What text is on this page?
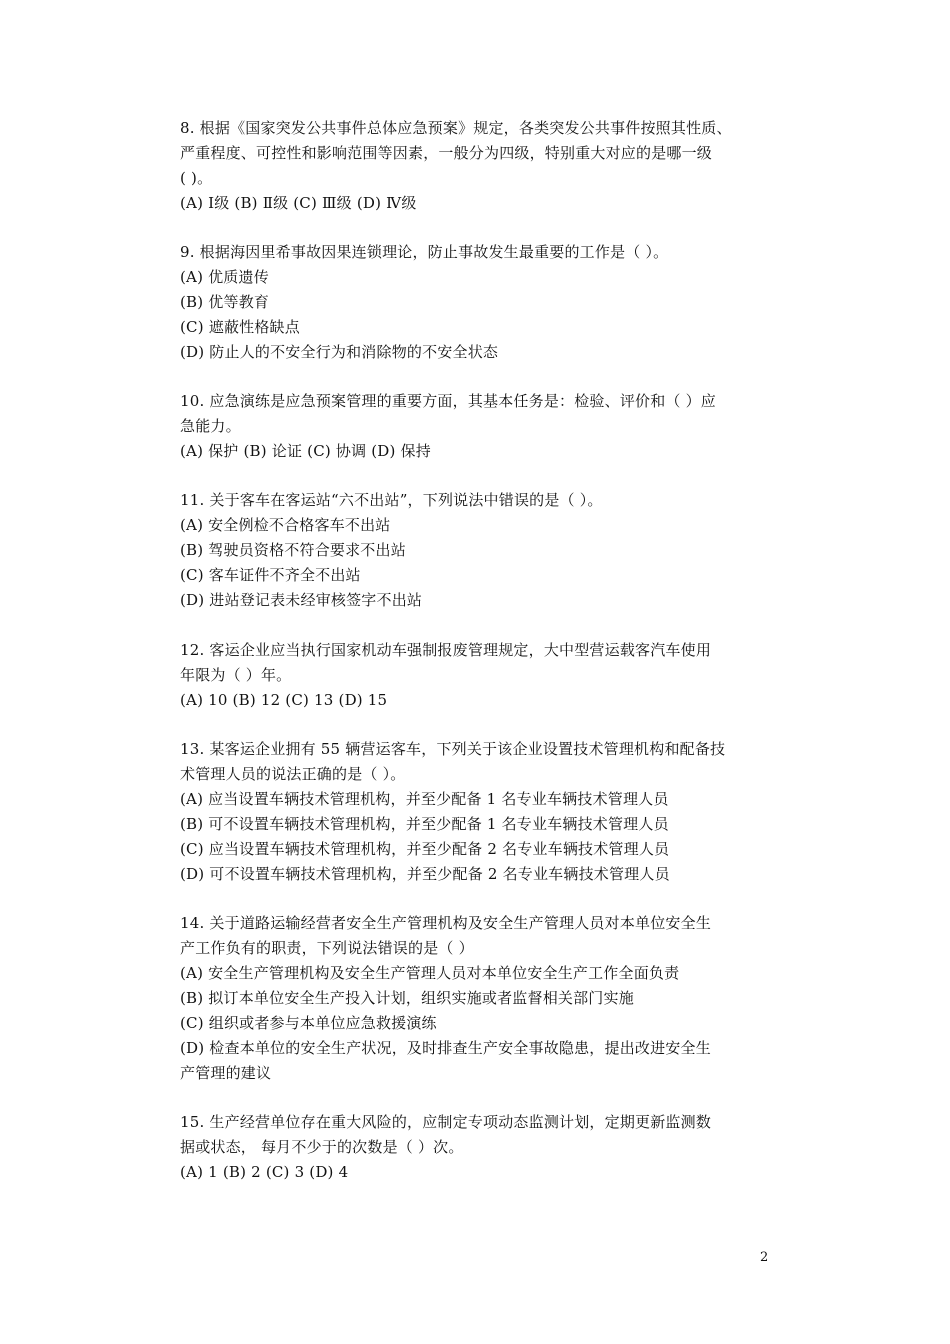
8. 根据《国家突发公共事件总体应急预案》规定，各类突发公共事件按照其性质、
严重程度、可控性和影响范围等因素，一般分为四级，特别重大对应的是哪一级
( )。
(A) Ⅰ级 (B) Ⅱ级 (C) Ⅲ级 (D) Ⅳ级
9. 根据海因里希事故因果连锁理论，防止事故发生最重要的工作是（ ）。
(A) 优质遗传
(B) 优等教育
(C) 遮蔽性格缺点
(D) 防止人的不安全行为和消除物的不安全状态
10. 应急演练是应急预案管理的重要方面，其基本任务是：检验、评价和（ ）应
急能力。
(A) 保护 (B) 论证 (C) 协调 (D) 保持
11. 关于客车在客运站“六不出站”，下列说法中错误的是（ ）。
(A) 安全例检不合格客车不出站
(B) 驾驶员资格不符合要求不出站
(C) 客车证件不齐全不出站
(D) 进站登记表未经审核签字不出站
12. 客运企业应当执行国家机动车强制报废管理规定，大中型营运载客汽车使用
年限为（ ）年。
(A) 10 (B) 12 (C) 13 (D) 15
13. 某客运企业拥有 55 辆营运客车，下列关于该企业设置技术管理机构和配备技
术管理人员的说法正确的是（ ）。
(A) 应当设置车辆技术管理机构，并至少配备 1 名专业车辆技术管理人员
(B) 可不设置车辆技术管理机构，并至少配备 1 名专业车辆技术管理人员
(C) 应当设置车辆技术管理机构，并至少配备 2 名专业车辆技术管理人员
(D) 可不设置车辆技术管理机构，并至少配备 2 名专业车辆技术管理人员
14. 关于道路运输经营者安全生产管理机构及安全生产管理人员对本单位安全生
产工作负有的职责，下列说法错误的是（ ）
(A) 安全生产管理机构及安全生产管理人员对本单位安全生产工作全面负责
(B) 拟订本单位安全生产投入计划，组织实施或者监督相关部门实施
(C) 组织或者参与本单位应急救援演练
(D) 检查本单位的安全生产状况，及时排查生产安全事故隐患，提出改进安全生
产管理的建议
15. 生产经营单位存在重大风险的，应制定专项动态监测计划，定期更新监测数
据或状态， 每月不少于的次数是（ ）次。
(A) 1 (B) 2 (C) 3 (D) 4
2
